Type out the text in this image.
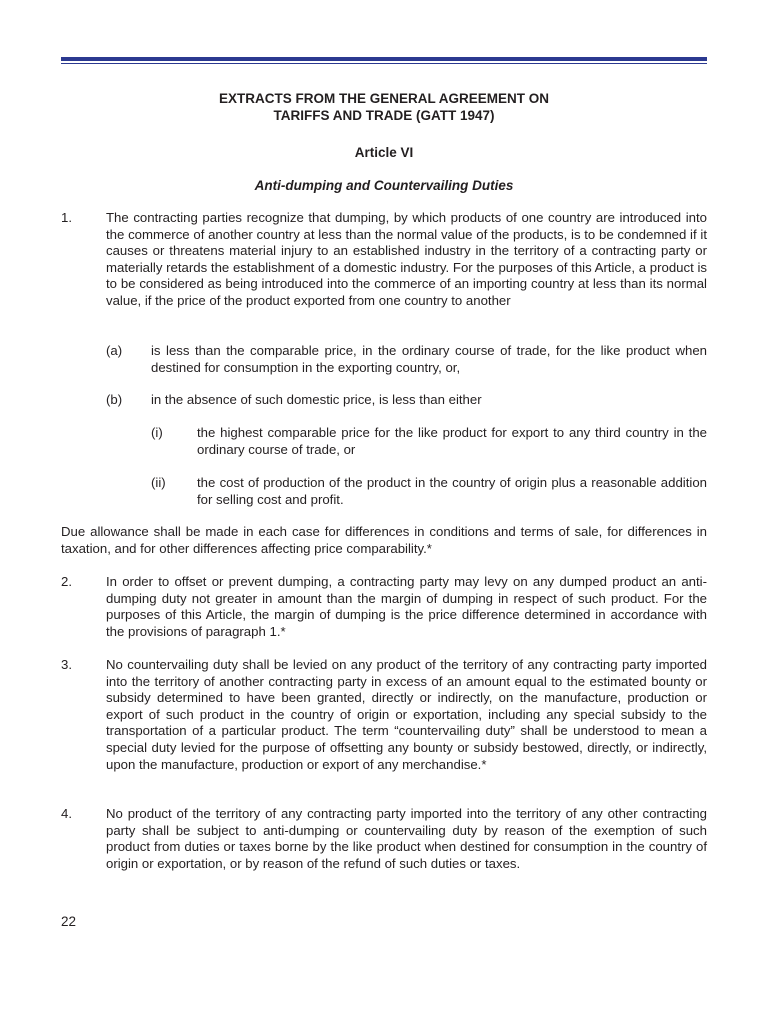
EXTRACTS FROM THE GENERAL AGREEMENT ON
TARIFFS AND TRADE (GATT 1947)
Article VI
Anti-dumping and Countervailing Duties
1.	The contracting parties recognize that dumping, by which products of one country are introduced into the commerce of another country at less than the normal value of the products, is to be condemned if it causes or threatens material injury to an established industry in the territory of a contracting party or materially retards the establishment of a domestic industry. For the purposes of this Article, a product is to be considered as being introduced into the commerce of an importing country at less than its normal value, if the price of the product exported from one country to another
(a) is less than the comparable price, in the ordinary course of trade, for the like product when destined for consumption in the exporting country, or,
(b) in the absence of such domestic price, is less than either
(i)	the highest comparable price for the like product for export to any third country in the ordinary course of trade, or
(ii) the cost of production of the product in the country of origin plus a reasonable addition for selling cost and profit.
Due allowance shall be made in each case for differences in conditions and terms of sale, for differences in taxation, and for other differences affecting price comparability.*
2.	In order to offset or prevent dumping, a contracting party may levy on any dumped product an anti-dumping duty not greater in amount than the margin of dumping in respect of such product. For the purposes of this Article, the margin of dumping is the price difference determined in accordance with the provisions of paragraph 1.*
3.	No countervailing duty shall be levied on any product of the territory of any contracting party imported into the territory of another contracting party in excess of an amount equal to the estimated bounty or subsidy determined to have been granted, directly or indirectly, on the manufacture, production or export of such product in the country of origin or exportation, including any special subsidy to the transportation of a particular product. The term “countervailing duty” shall be understood to mean a special duty levied for the purpose of offsetting any bounty or subsidy bestowed, directly, or indirectly, upon the manufacture, production or export of any merchandise.*
4.	No product of the territory of any contracting party imported into the territory of any other contracting party shall be subject to anti-dumping or countervailing duty by reason of the exemption of such product from duties or taxes borne by the like product when destined for consumption in the country of origin or exportation, or by reason of the refund of such duties or taxes.
22
